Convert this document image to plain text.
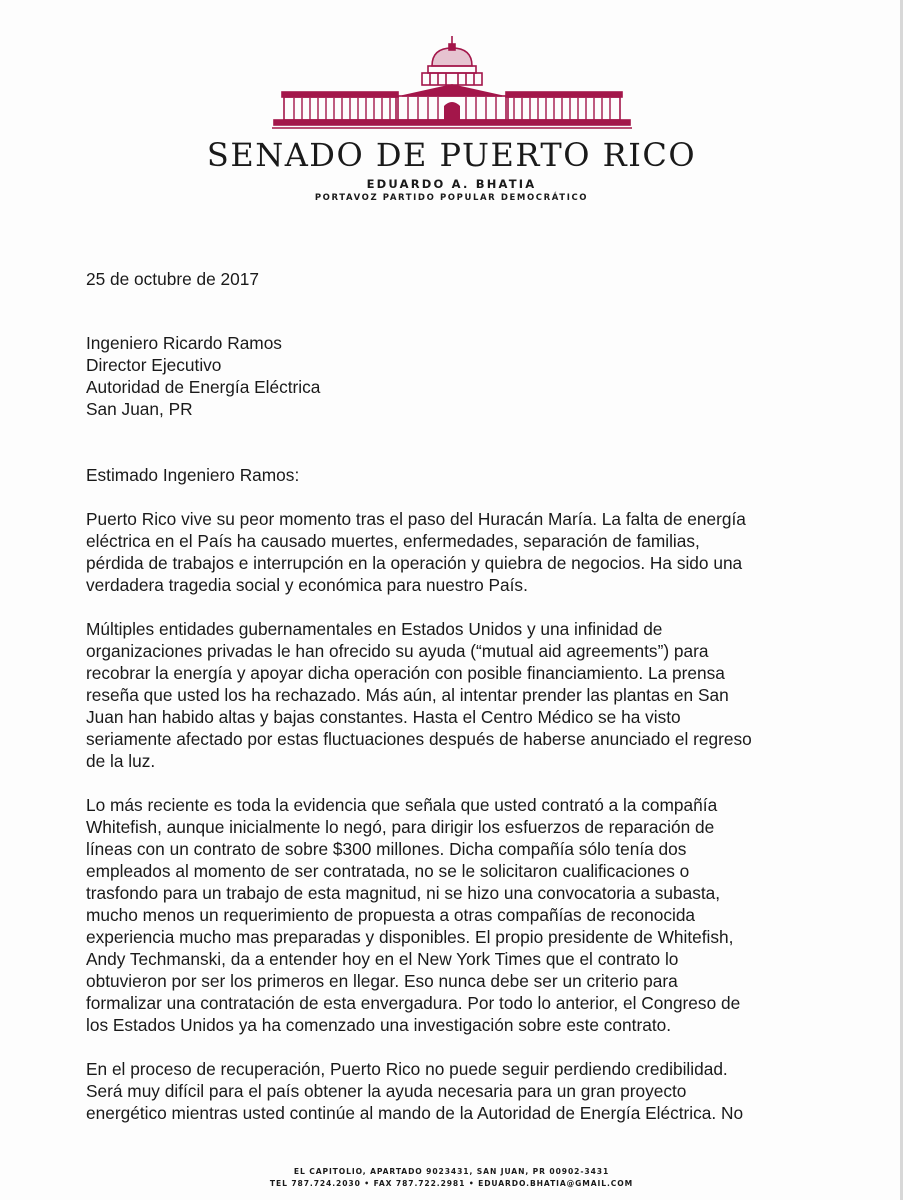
SENADO DE PUERTO RICO
EDUARDO A. BHATIA
PORTAVOZ PARTIDO POPULAR DEMOCRÁTICO

25 de octubre de 2017

Ingeniero Ricardo Ramos

Director Ejecutivo

Autoridad de Energía Eléctrica

San Juan, PR

Estimado Ingeniero Ramos:

Puerto Rico vive su peor momento tras el paso del Huracán María. La falta de energía

eléctrica en el País ha causado muertes, enfermedades, separación de familias,

pérdida de trabajos e interrupción en la operación y quiebra de negocios. Ha sido una

verdadera tragedia social y económica para nuestro País.

Múltiples entidades gubernamentales en Estados Unidos y una infinidad de

organizaciones privadas le han ofrecido su ayuda (“mutual aid agreements”) para

recobrar la energía y apoyar dicha operación con posible financiamiento. La prensa

reseña que usted los ha rechazado. Más aún, al intentar prender las plantas en San

Juan han habido altas y bajas constantes. Hasta el Centro Médico se ha visto

seriamente afectado por estas fluctuaciones después de haberse anunciado el regreso

de la luz.

Lo más reciente es toda la evidencia que señala que usted contrató a la compañía

Whitefish, aunque inicialmente lo negó, para dirigir los esfuerzos de reparación de

líneas con un contrato de sobre $300 millones. Dicha compañía sólo tenía dos

empleados al momento de ser contratada, no se le solicitaron cualificaciones o

trasfondo para un trabajo de esta magnitud, ni se hizo una convocatoria a subasta,

mucho menos un requerimiento de propuesta a otras compañías de reconocida

experiencia mucho mas preparadas y disponibles. El propio presidente de Whitefish,

Andy Techmanski, da a entender hoy en el New York Times que el contrato lo

obtuvieron por ser los primeros en llegar. Eso nunca debe ser un criterio para

formalizar una contratación de esta envergadura. Por todo lo anterior, el Congreso de

los Estados Unidos ya ha comenzado una investigación sobre este contrato.

En el proceso de recuperación, Puerto Rico no puede seguir perdiendo credibilidad.

Será muy difícil para el país obtener la ayuda necesaria para un gran proyecto

energético mientras usted continúe al mando de la Autoridad de Energía Eléctrica. No

EL CAPITOLIO, APARTADO 9023431, SAN JUAN, PR 00902-3431
TEL 787.724.2030 • FAX 787.722.2981 • EDUARDO.BHATIA@GMAIL.COM
